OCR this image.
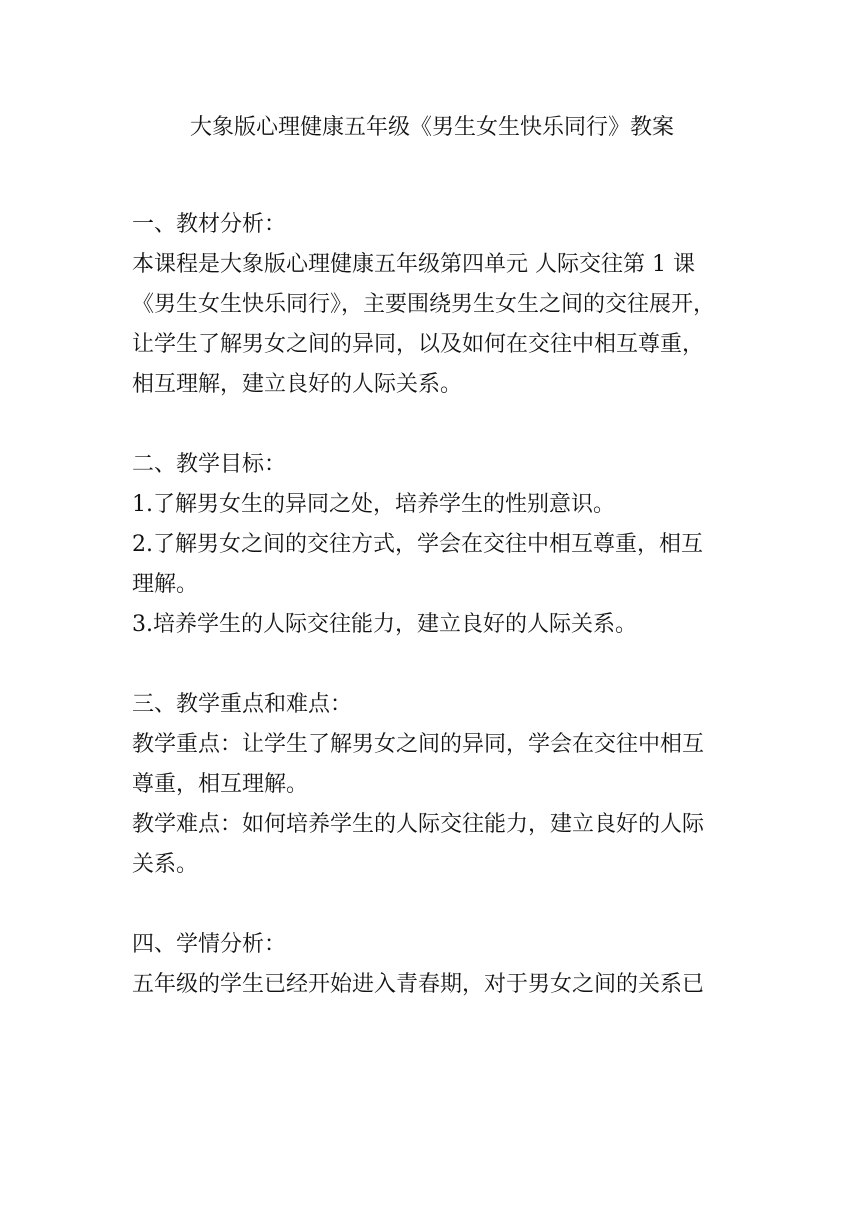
大象版心理健康五年级《男生女生快乐同行》教案
一、教材分析：
本课程是大象版心理健康五年级第四单元 人际交往第 1 课
《男生女生快乐同行》，主要围绕男生女生之间的交往展开，
让学生了解男女之间的异同，以及如何在交往中相互尊重，
相互理解，建立良好的人际关系。
二、教学目标：
1.了解男女生的异同之处，培养学生的性别意识。
2.了解男女之间的交往方式，学会在交往中相互尊重，相互
理解。
3.培养学生的人际交往能力，建立良好的人际关系。
三、教学重点和难点：
教学重点：让学生了解男女之间的异同，学会在交往中相互
尊重，相互理解。
教学难点：如何培养学生的人际交往能力，建立良好的人际
关系。
四、学情分析：
五年级的学生已经开始进入青春期，对于男女之间的关系已
